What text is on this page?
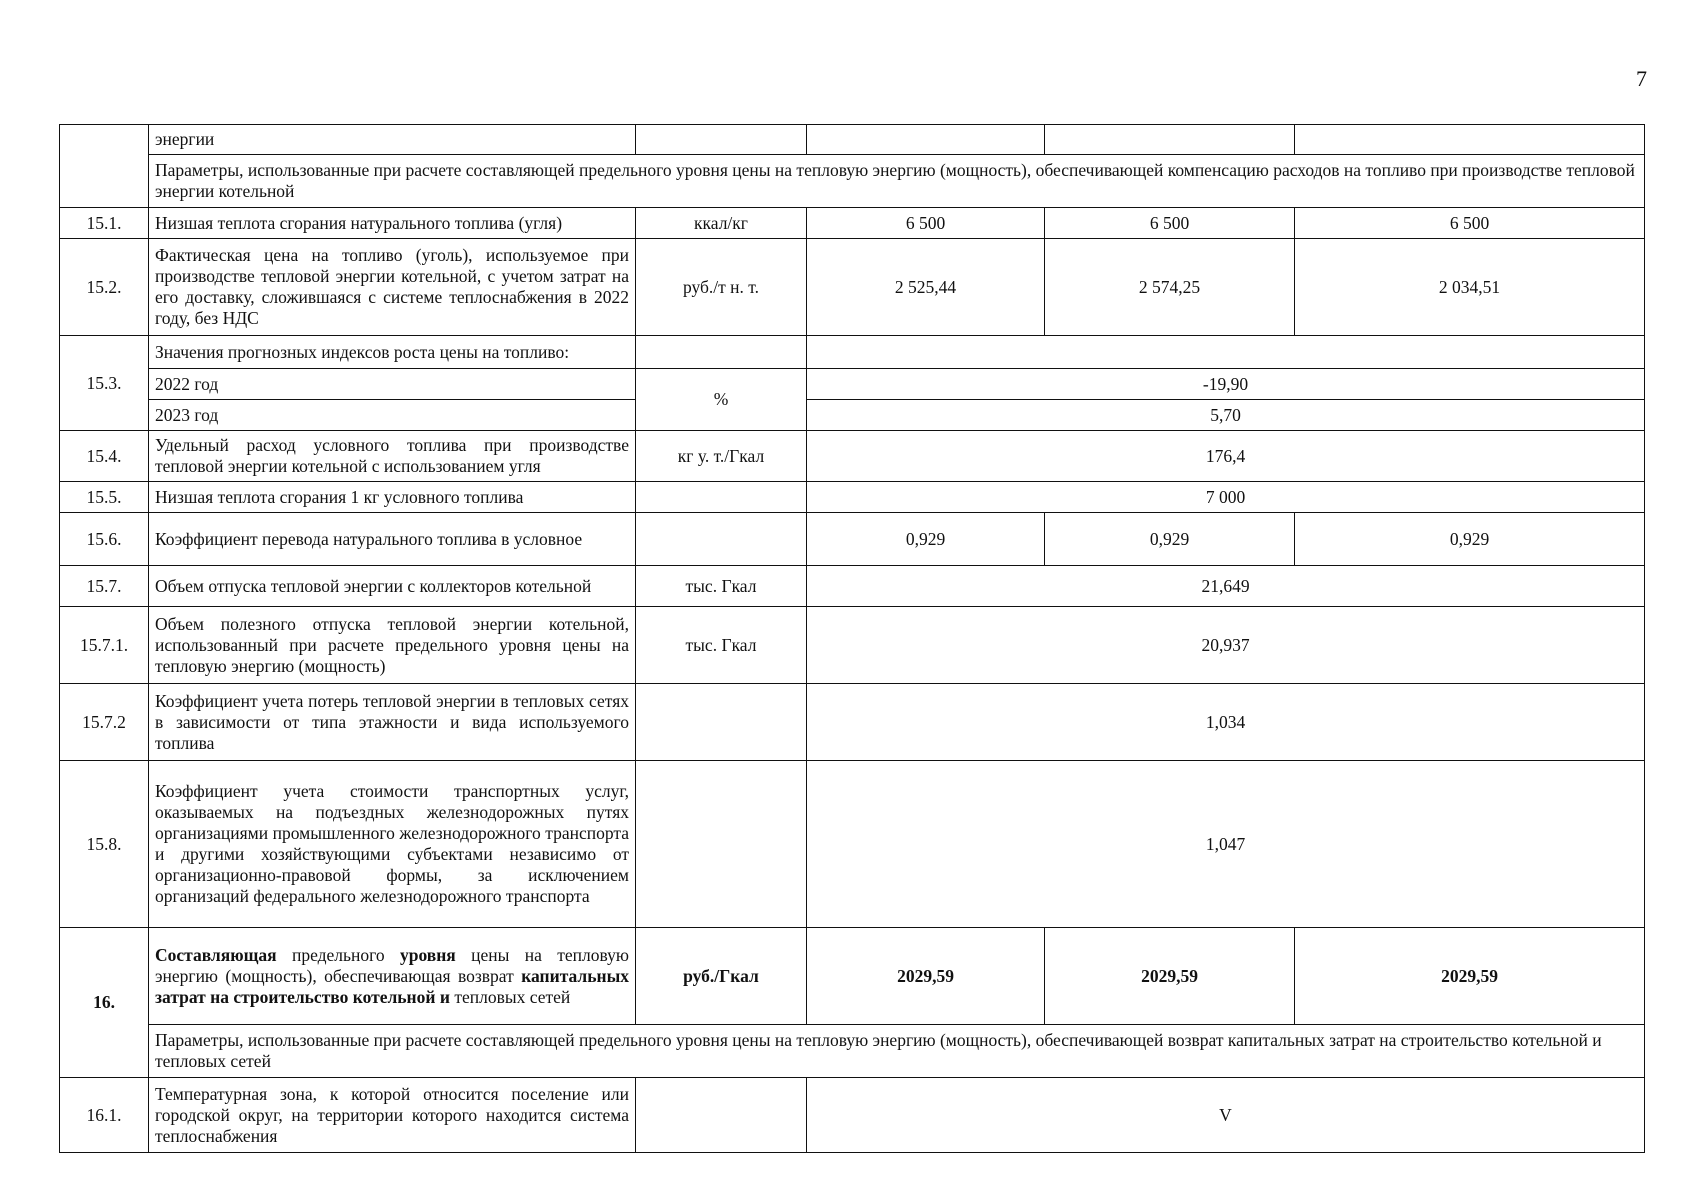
7
	энергии				
	Параметры, использованные при расчете составляющей предельного уровня цены на тепловую энергию (мощность), обеспечивающей компенсацию расходов на топливо при производстве тепловой энергии котельной				
15.1.	Низшая теплота сгорания натурального топлива (угля)	ккал/кг	6 500	6 500	6 500
15.2.	Фактическая цена на топливо (уголь), используемое при производстве тепловой энергии котельной, с учетом затрат на его доставку, сложившаяся с системе теплоснабжения в 2022 году, без НДС	руб./т н. т.	2 525,44	2 574,25	2 034,51
15.3.	Значения прогнозных индексов роста цены на топливо:				
	2022 год	%	-19,90		
	2023 год		5,70		
15.4.	Удельный расход условного топлива при производстве тепловой энергии котельной с использованием угля	кг у. т./Гкал	176,4		
15.5.	Низшая теплота сгорания 1 кг условного топлива		7 000		
15.6.	Коэффициент перевода натурального топлива в условное		0,929	0,929	0,929
15.7.	Объем отпуска тепловой энергии с коллекторов котельной	тыс. Гкал	21,649		
15.7.1.	Объем полезного отпуска тепловой энергии котельной, использованный при расчете предельного уровня цены на тепловую энергию (мощность)	тыс. Гкал	20,937		
15.7.2	Коэффициент учета потерь тепловой энергии в тепловых сетях в зависимости от типа этажности и вида используемого топлива		1,034		
15.8.	Коэффициент учета стоимости транспортных услуг, оказываемых на подъездных железнодорожных путях организациями промышленного железнодорожного транспорта и другими хозяйствующими субъектами независимо от организационно-правовой формы, за исключением организаций федерального железнодорожного транспорта		1,047		
16.	Составляющая предельного уровня цены на тепловую энергию (мощность), обеспечивающая возврат капитальных затрат на строительство котельной и тепловых сетей	руб./Гкал	2029,59	2029,59	2029,59
	Параметры, использованные при расчете составляющей предельного уровня цены на тепловую энергию (мощность), обеспечивающей возврат капитальных затрат на строительство котельной и тепловых сетей				
16.1.	Температурная зона, к которой относится поселение или городской округ, на территории которого находится система теплоснабжения		V		
